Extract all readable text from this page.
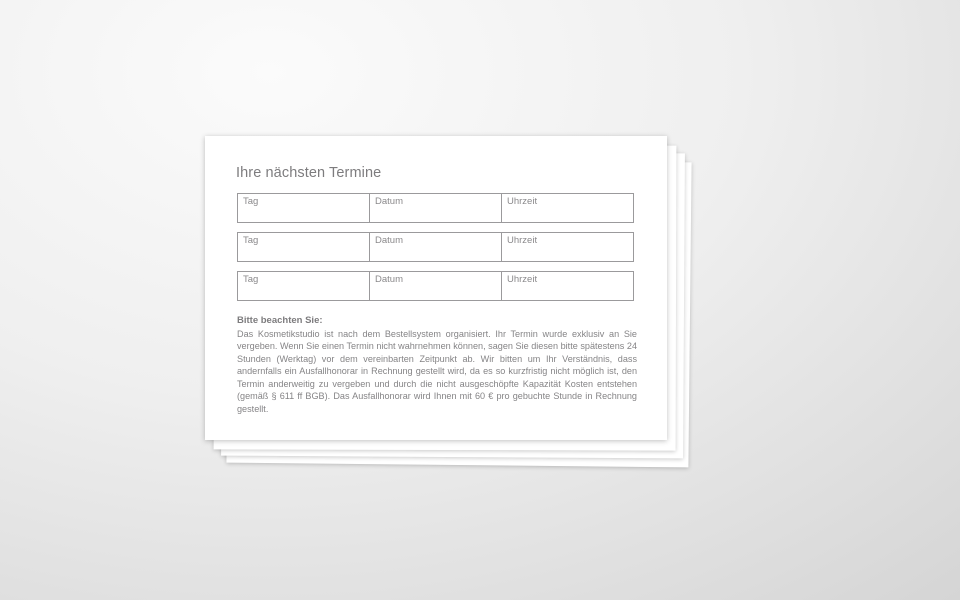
Ihre nächsten Termine
Tag	Datum	Uhrzeit
Tag	Datum	Uhrzeit
Tag	Datum	Uhrzeit
Bitte beachten Sie:
Das Kosmetikstudio ist nach dem Bestellsystem organisiert. Ihr Termin wurde exklusiv an Sie vergeben. Wenn Sie einen Termin nicht wahrnehmen können, sagen Sie diesen bitte spätestens 24 Stunden (Werktag) vor dem vereinbarten Zeitpunkt ab. Wir bitten um Ihr Verständnis, dass andernfalls ein Ausfallhonorar in Rechnung gestellt wird, da es so kurzfristig nicht möglich ist, den Termin anderweitig zu vergeben und durch die nicht ausgeschöpfte Kapazität Kosten entstehen (gemäß § 611 ff BGB). Das Ausfallhonorar wird Ihnen mit 60 € pro gebuchte Stunde in Rechnung gestellt.
